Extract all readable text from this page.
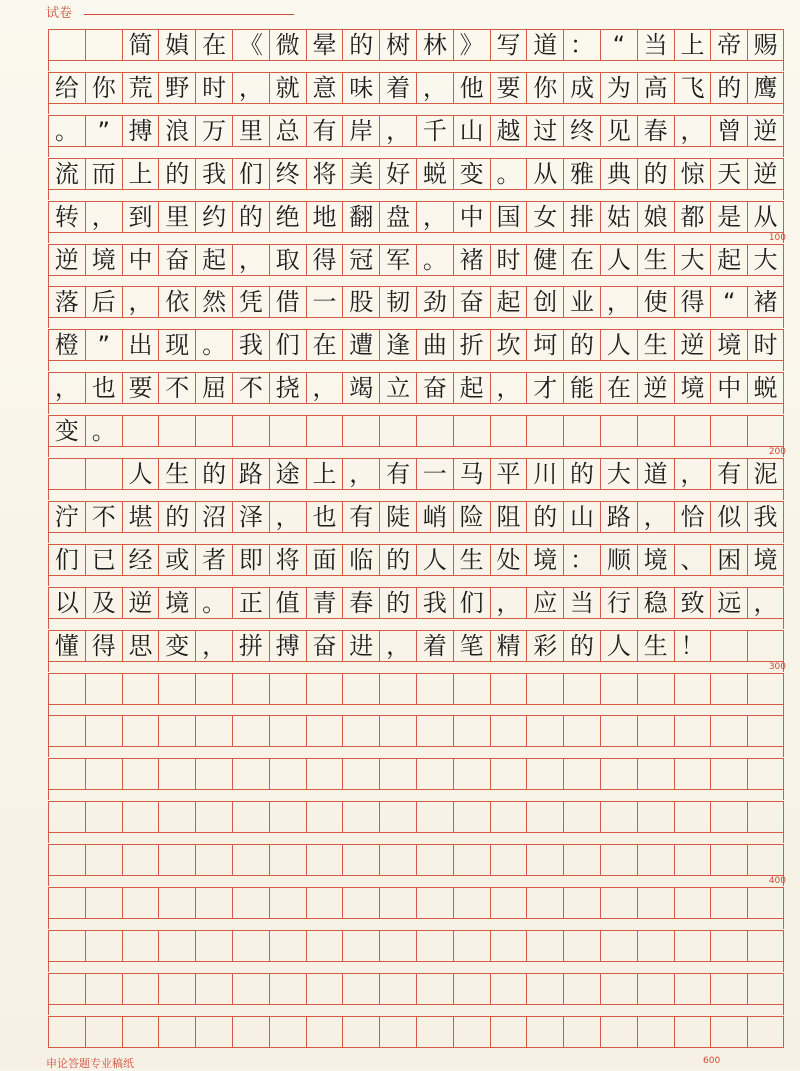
试卷

简 媜 在 《 微 晕 的 树 林 》 写 道 ： “ 当 上 帝 赐
给 你 荒 野 时 ， 就 意 味 着 ， 他 要 你 成 为 高 飞 的 鹰
。 ” 搏 浪 万 里 总 有 岸 ， 千 山 越 过 终 见 春 ， 曾 逆
流 而 上 的 我 们 终 将 美 好 蜕 变 。 从 雅 典 的 惊 天 逆
转 ， 到 里 约 的 绝 地 翻 盘 ， 中 国 女 排 姑 娘 都 是 从
逆 境 中 奋 起 ， 取 得 冠 军 。 褚 时 健 在 人 生 大 起 大
落 后 ， 依 然 凭 借 一 股 韧 劲 奋 起 创 业 ， 使 得 “ 褚
橙 ” 出 现 。 我 们 在 遭 逢 曲 折 坎 坷 的 人 生 逆 境 时
， 也 要 不 屈 不 挠 ， 竭 立 奋 起 ， 才 能 在 逆 境 中 蜕
变 。

人 生 的 路 途 上 ， 有 一 马 平 川 的 大 道 ， 有 泥
泞 不 堪 的 沼 泽 ， 也 有 陡 峭 险 阻 的 山 路 ， 恰 似 我
们 已 经 或 者 即 将 面 临 的 人 生 处 境 ： 顺 境 、 困 境
以 及 逆 境 。 正 值 青 春 的 我 们 ， 应 当 行 稳 致 远 ，
懂 得 思 变 ， 拼 搏 奋 进 ， 着 笔 精 彩 的 人 生 ！
申论答题专业稿纸	600
100
200
300
400
